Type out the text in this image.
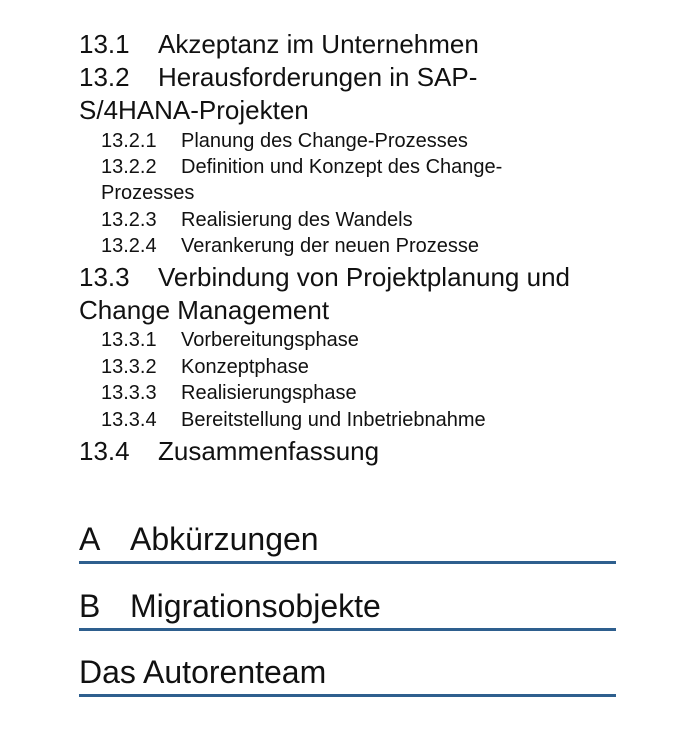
13.1 Akzeptanz im Unternehmen
13.2 Herausforderungen in SAP-
S/4HANA-Projekten
13.2.1 Planung des Change-Prozesses
13.2.2 Definition und Konzept des Change-
Prozesses
13.2.3 Realisierung des Wandels
13.2.4 Verankerung der neuen Prozesse
13.3 Verbindung von Projektplanung und
Change Management
13.3.1 Vorbereitungsphase
13.3.2 Konzeptphase
13.3.3 Realisierungsphase
13.3.4 Bereitstellung und Inbetriebnahme
13.4 Zusammenfassung
A Abkürzungen
B Migrationsobjekte
Das Autorenteam
